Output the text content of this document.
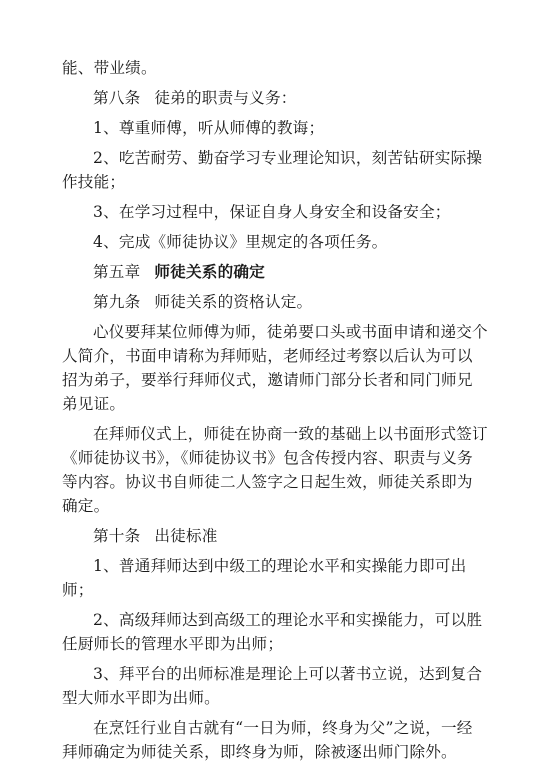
能、带业绩。

第八条 徒弟的职责与义务：

1、尊重师傅，听从师傅的教诲；

2、吃苦耐劳、勤奋学习专业理论知识，刻苦钻研实际操作技能；

3、在学习过程中，保证自身人身安全和设备安全；

4、完成《师徒协议》里规定的各项任务。

第五章 师徒关系的确定

第九条 师徒关系的资格认定。

心仪要拜某位师傅为师，徒弟要口头或书面申请和递交个人简介，书面申请称为拜师贴，老师经过考察以后认为可以招为弟子，要举行拜师仪式，邀请师门部分长者和同门师兄弟见证。

在拜师仪式上，师徒在协商一致的基础上以书面形式签订《师徒协议书》，《师徒协议书》包含传授内容、职责与义务等内容。协议书自师徒二人签字之日起生效，师徒关系即为确定。

第十条 出徒标准

1、普通拜师达到中级工的理论水平和实操能力即可出师；

2、高级拜师达到高级工的理论水平和实操能力，可以胜任厨师长的管理水平即为出师；

3、拜平台的出师标准是理论上可以著书立说，达到复合型大师水平即为出师。

在烹饪行业自古就有“一日为师，终身为父”之说，一经拜师确定为师徒关系，即终身为师，除被逐出师门除外。
